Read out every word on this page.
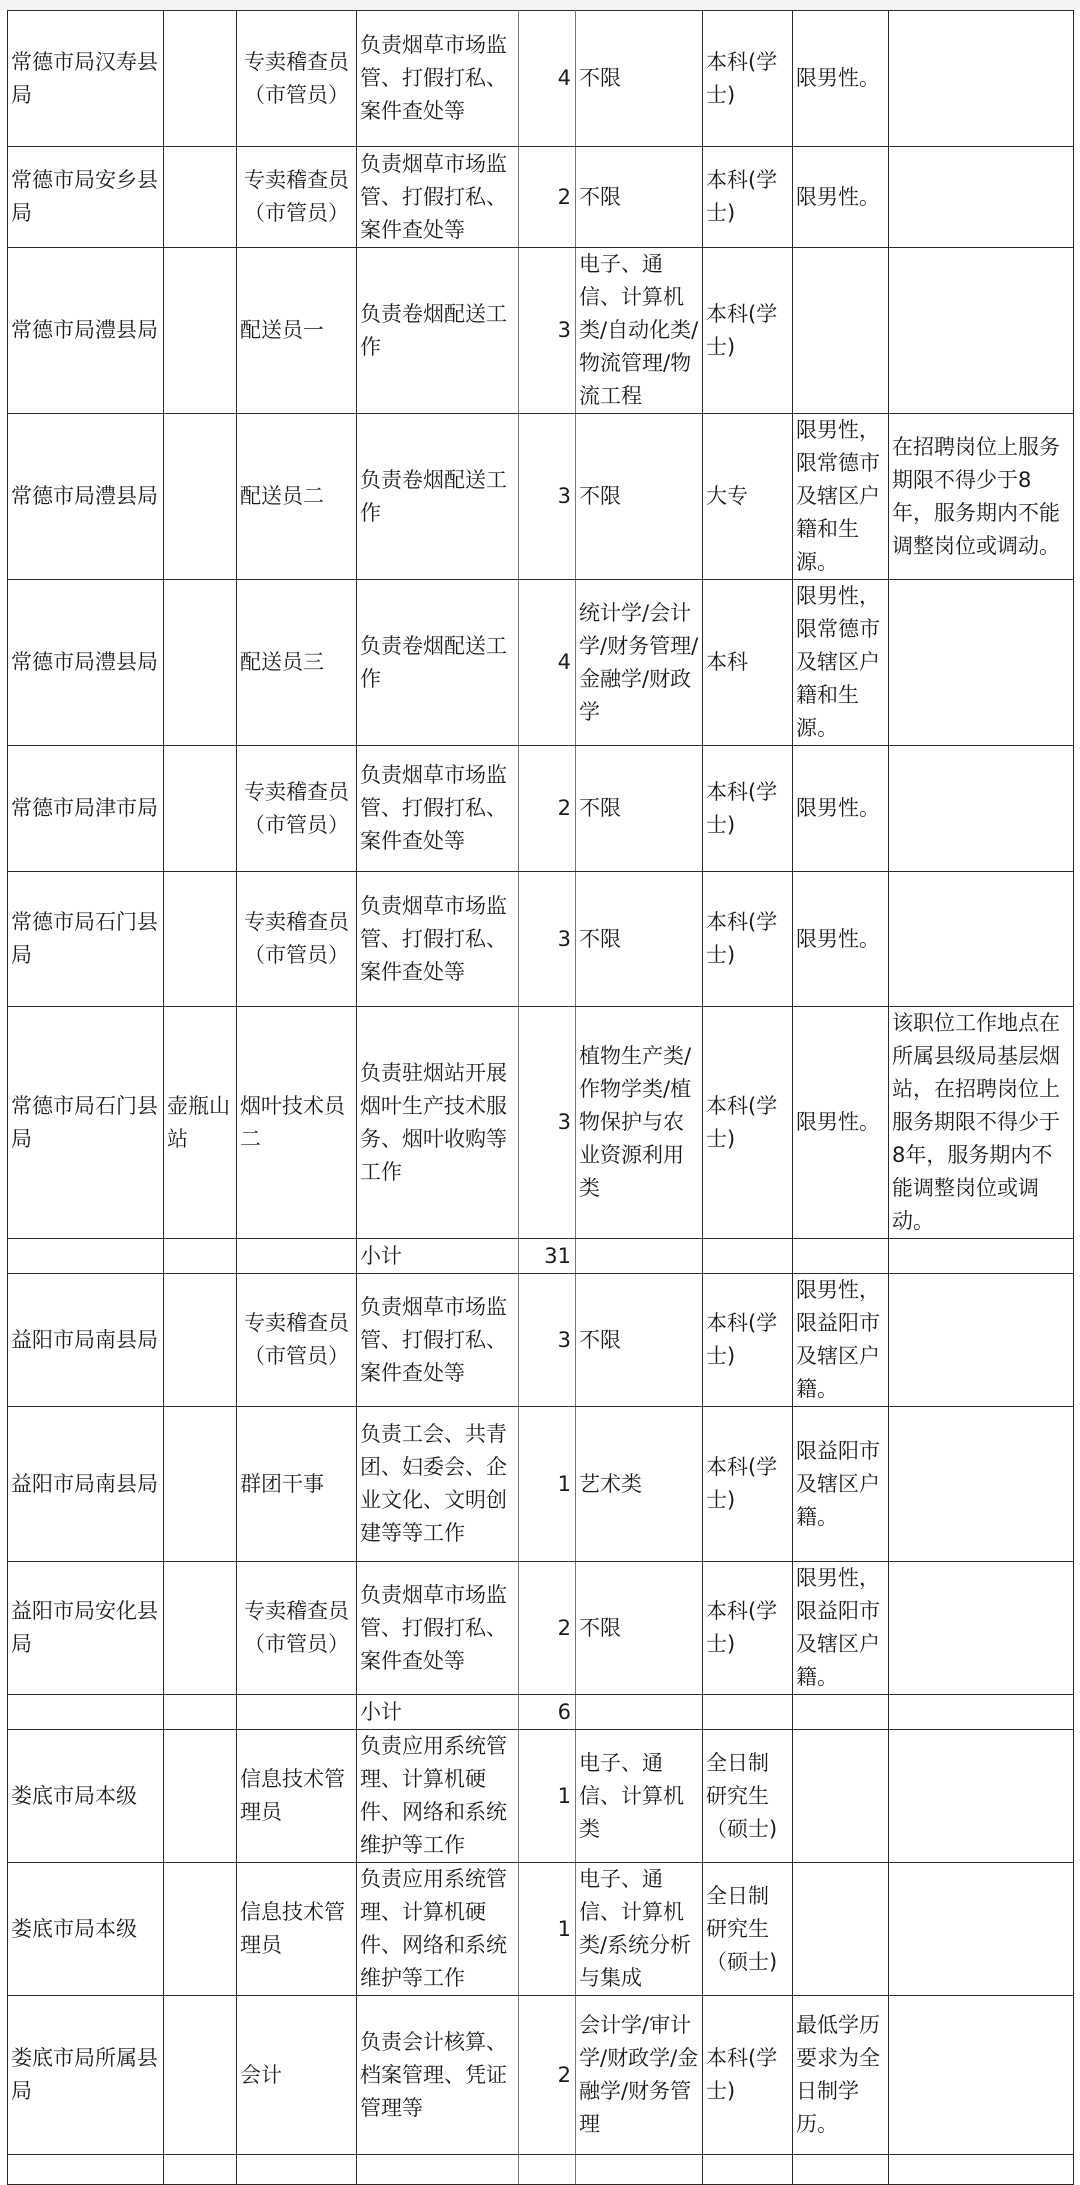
常德市局汉寿县局		专卖稽查员（市管员）	负责烟草市场监管、打假打私、案件查处等	4	不限	本科(学士)	限男性。	
常德市局安乡县局		专卖稽查员（市管员）	负责烟草市场监管、打假打私、案件查处等	2	不限	本科(学士)	限男性。	
常德市局澧县局		配送员一	负责卷烟配送工作	3	电子、通信、计算机类/自动化类/物流管理/物流工程	本科(学士)		
常德市局澧县局		配送员二	负责卷烟配送工作	3	不限	大专	限男性，限常德市及辖区户籍和生源。	在招聘岗位上服务期限不得少于8年，服务期内不能调整岗位或调动。
常德市局澧县局		配送员三	负责卷烟配送工作	4	统计学/会计学/财务管理/金融学/财政学	本科	限男性，限常德市及辖区户籍和生源。	
常德市局津市局		专卖稽查员（市管员）	负责烟草市场监管、打假打私、案件查处等	2	不限	本科(学士)	限男性。	
常德市局石门县局		专卖稽查员（市管员）	负责烟草市场监管、打假打私、案件查处等	3	不限	本科(学士)	限男性。	
常德市局石门县局	壶瓶山站	烟叶技术员二	负责驻烟站开展烟叶生产技术服务、烟叶收购等工作	3	植物生产类/作物学类/植物保护与农业资源利用类	本科(学士)	限男性。	该职位工作地点在所属县级局基层烟站，在招聘岗位上服务期限不得少于8年，服务期内不能调整岗位或调动。

			小计	31				
益阳市局南县局		专卖稽查员（市管员）	负责烟草市场监管、打假打私、案件查处等	3	不限	本科(学士)	限男性，限益阳市及辖区户籍。	
益阳市局南县局		群团干事	负责工会、共青团、妇委会、企业文化、文明创建等等工作	1	艺术类	本科(学士)	限益阳市及辖区户籍。	
益阳市局安化县局		专卖稽查员（市管员）	负责烟草市场监管、打假打私、案件查处等	2	不限	本科(学士)	限男性，限益阳市及辖区户籍。	

			小计	6				
娄底市局本级		信息技术管理员	负责应用系统管理、计算机硬件、网络和系统维护等工作	1	电子、通信、计算机类	全日制研究生（硕士)		
娄底市局本级		信息技术管理员	负责应用系统管理、计算机硬件、网络和系统维护等工作	1	电子、通信、计算机类/系统分析与集成	全日制研究生（硕士)		
娄底市局所属县局		会计	负责会计核算、档案管理、凭证管理等	2	会计学/审计学/财政学/金融学/财务管理	本科(学士)	最低学历要求为全日制学历。	
